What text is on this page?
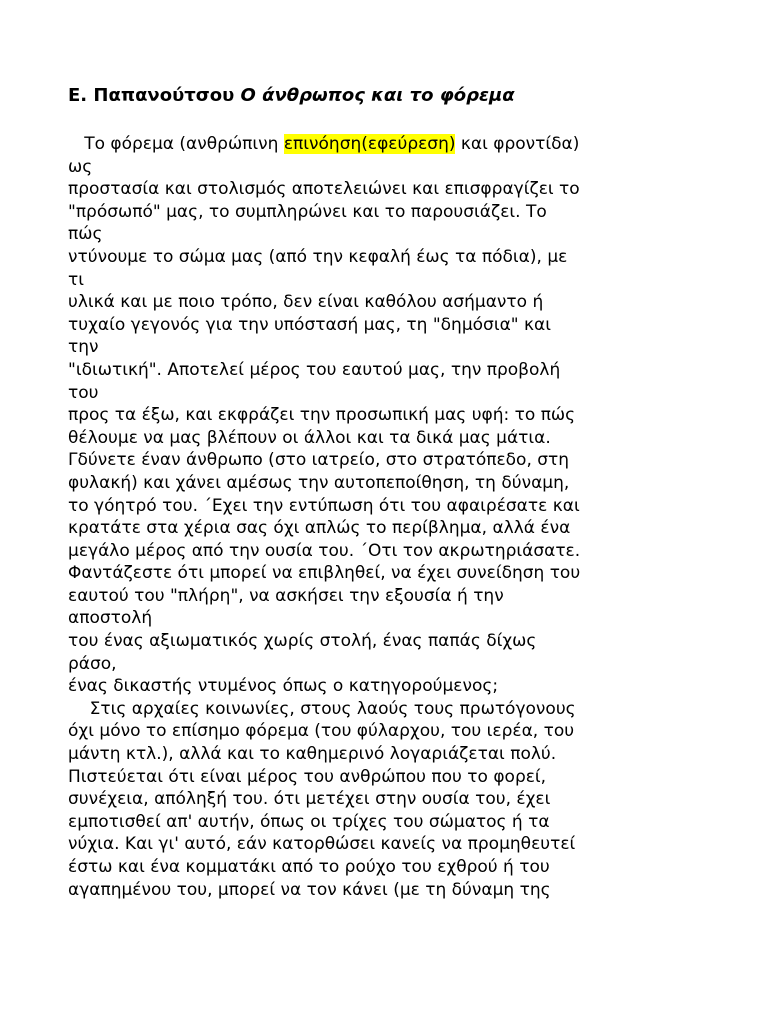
Ε. Παπανούτσου Ο άνθρωπος και το φόρεμα
Το φόρεμα (ανθρώπινη επινόηση(εφεύρεση) και φροντίδα)
ως
προστασία και στολισμός αποτελειώνει και επισφραγίζει το
"πρόσωπό" μας, το συμπληρώνει και το παρουσιάζει. Το
πώς
ντύνουμε το σώμα μας (από την κεφαλή έως τα πόδια), με
τι
υλικά και με ποιο τρόπο, δεν είναι καθόλου ασήμαντο ή
τυχαίο γεγονός για την υπόστασή μας, τη "δημόσια" και
την
"ιδιωτική". Αποτελεί μέρος του εαυτού μας, την προβολή
του
προς τα έξω, και εκφράζει την προσωπική μας υφή: το πώς
θέλουμε να μας βλέπουν οι άλλοι και τα δικά μας μάτια.
Γδύνετε έναν άνθρωπο (στο ιατρείο, στο στρατόπεδο, στη
φυλακή) και χάνει αμέσως την αυτοπεποίθηση, τη δύναμη,
το γόητρό του. ΄Εχει την εντύπωση ότι του αφαιρέσατε και
κρατάτε στα χέρια σας όχι απλώς το περίβλημα, αλλά ένα
μεγάλο μέρος από την ουσία του. ΄Οτι τον ακρωτηριάσατε.
Φαντάζεστε ότι μπορεί να επιβληθεί, να έχει συνείδηση του
εαυτού του "πλήρη", να ασκήσει την εξουσία ή την
αποστολή
του ένας αξιωματικός χωρίς στολή, ένας παπάς δίχως
ράσο,
ένας δικαστής ντυμένος όπως ο κατηγορούμενος;
Στις αρχαίες κοινωνίες, στους λαούς τους πρωτόγονους
όχι μόνο το επίσημο φόρεμα (του φύλαρχου, του ιερέα, του
μάντη κτλ.), αλλά και το καθημερινό λογαριάζεται πολύ.
Πιστεύεται ότι είναι μέρος του ανθρώπου που το φορεί,
συνέχεια, απόληξή του. ότι μετέχει στην ουσία του, έχει
εμποτισθεί απ' αυτήν, όπως οι τρίχες του σώματος ή τα
νύχια. Και γι' αυτό, εάν κατορθώσει κανείς να προμηθευτεί
έστω και ένα κομματάκι από το ρούχο του εχθρού ή του
αγαπημένου του, μπορεί να τον κάνει (με τη δύναμη της
